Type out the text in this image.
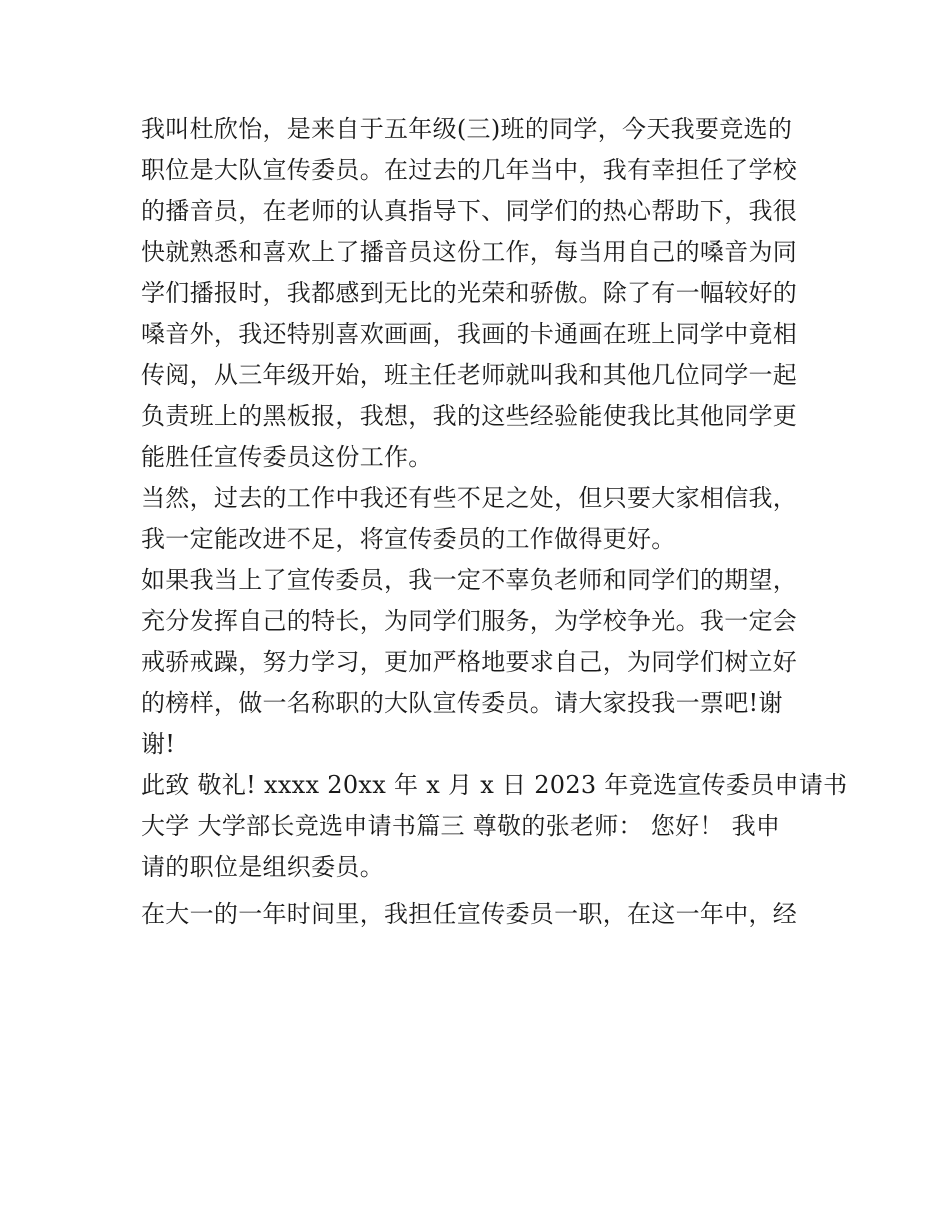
我叫杜欣怡，是来自于五年级(三)班的同学，今天我要竞选的
职位是大队宣传委员。在过去的几年当中，我有幸担任了学校
的播音员，在老师的认真指导下、同学们的热心帮助下，我很
快就熟悉和喜欢上了播音员这份工作，每当用自己的嗓音为同
学们播报时，我都感到无比的光荣和骄傲。除了有一幅较好的
嗓音外，我还特别喜欢画画，我画的卡通画在班上同学中竟相
传阅，从三年级开始，班主任老师就叫我和其他几位同学一起
负责班上的黑板报，我想，我的这些经验能使我比其他同学更
能胜任宣传委员这份工作。
当然，过去的工作中我还有些不足之处，但只要大家相信我，
我一定能改进不足，将宣传委员的工作做得更好。
如果我当上了宣传委员，我一定不辜负老师和同学们的期望，
充分发挥自己的特长，为同学们服务，为学校争光。我一定会
戒骄戒躁，努力学习，更加严格地要求自己，为同学们树立好
的榜样，做一名称职的大队宣传委员。请大家投我一票吧!谢
谢!
此致 敬礼! xxxx 20xx 年 x 月 x 日 2023 年竞选宣传委员申请书
大学 大学部长竞选申请书篇三 尊敬的张老师： 您好！ 我申
请的职位是组织委员。
在大一的一年时间里，我担任宣传委员一职，在这一年中，经
